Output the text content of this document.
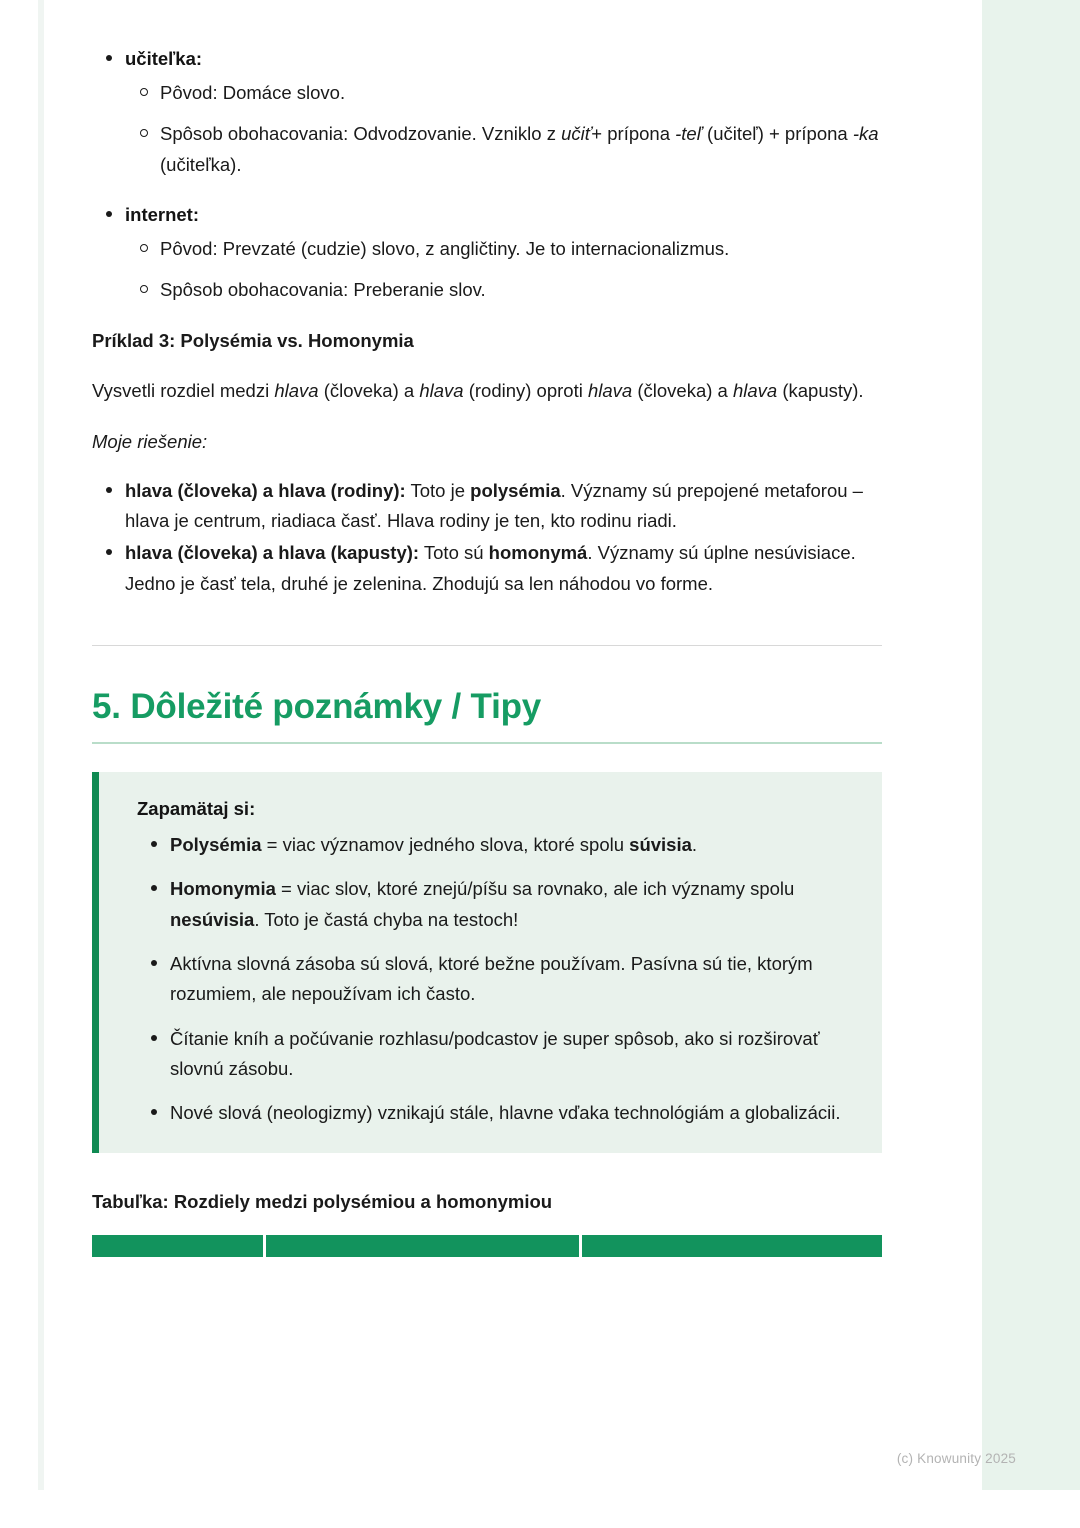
učiteľka:
Pôvod: Domáce slovo.
Spôsob obohacovania: Odvodzovanie. Vzniklo z učiť+ prípona -teľ (učiteľ) + prípona -ka (učiteľka).
internet:
Pôvod: Prevzaté (cudzie) slovo, z angličtiny. Je to internacionalizmus.
Spôsob obohacovania: Preberanie slov.

Príklad 3: Polysémia vs. Homonymia

Vysvetli rozdiel medzi hlava (človeka) a hlava (rodiny) oproti hlava (človeka) a hlava (kapusty).

Moje riešenie:

hlava (človeka) a hlava (rodiny): Toto je polysémia. Významy sú prepojené metaforou – hlava je centrum, riadiaca časť. Hlava rodiny je ten, kto rodinu riadi.
hlava (človeka) a hlava (kapusty): Toto sú homonymá. Významy sú úplne nesúvisiace. Jedno je časť tela, druhé je zelenina. Zhodujú sa len náhodou vo forme.
5. Dôležité poznámky / Tipy
Zapamätaj si:
Polysémia = viac významov jedného slova, ktoré spolu súvisia.
Homonymia = viac slov, ktoré znejú/píšu sa rovnako, ale ich významy spolu nesúvisia. Toto je častá chyba na testoch!
Aktívna slovná zásoba sú slová, ktoré bežne používam. Pasívna sú tie, ktorým rozumiem, ale nepoužívam ich často.
Čítanie kníh a počúvanie rozhlasu/podcastov je super spôsob, ako si rozširovať slovnú zásobu.
Nové slová (neologizmy) vznikajú stále, hlavne vďaka technológiám a globalizácii.

Tabuľka: Rozdiely medzi polysémiou a homonymiou

(c) Knowunity 2025
